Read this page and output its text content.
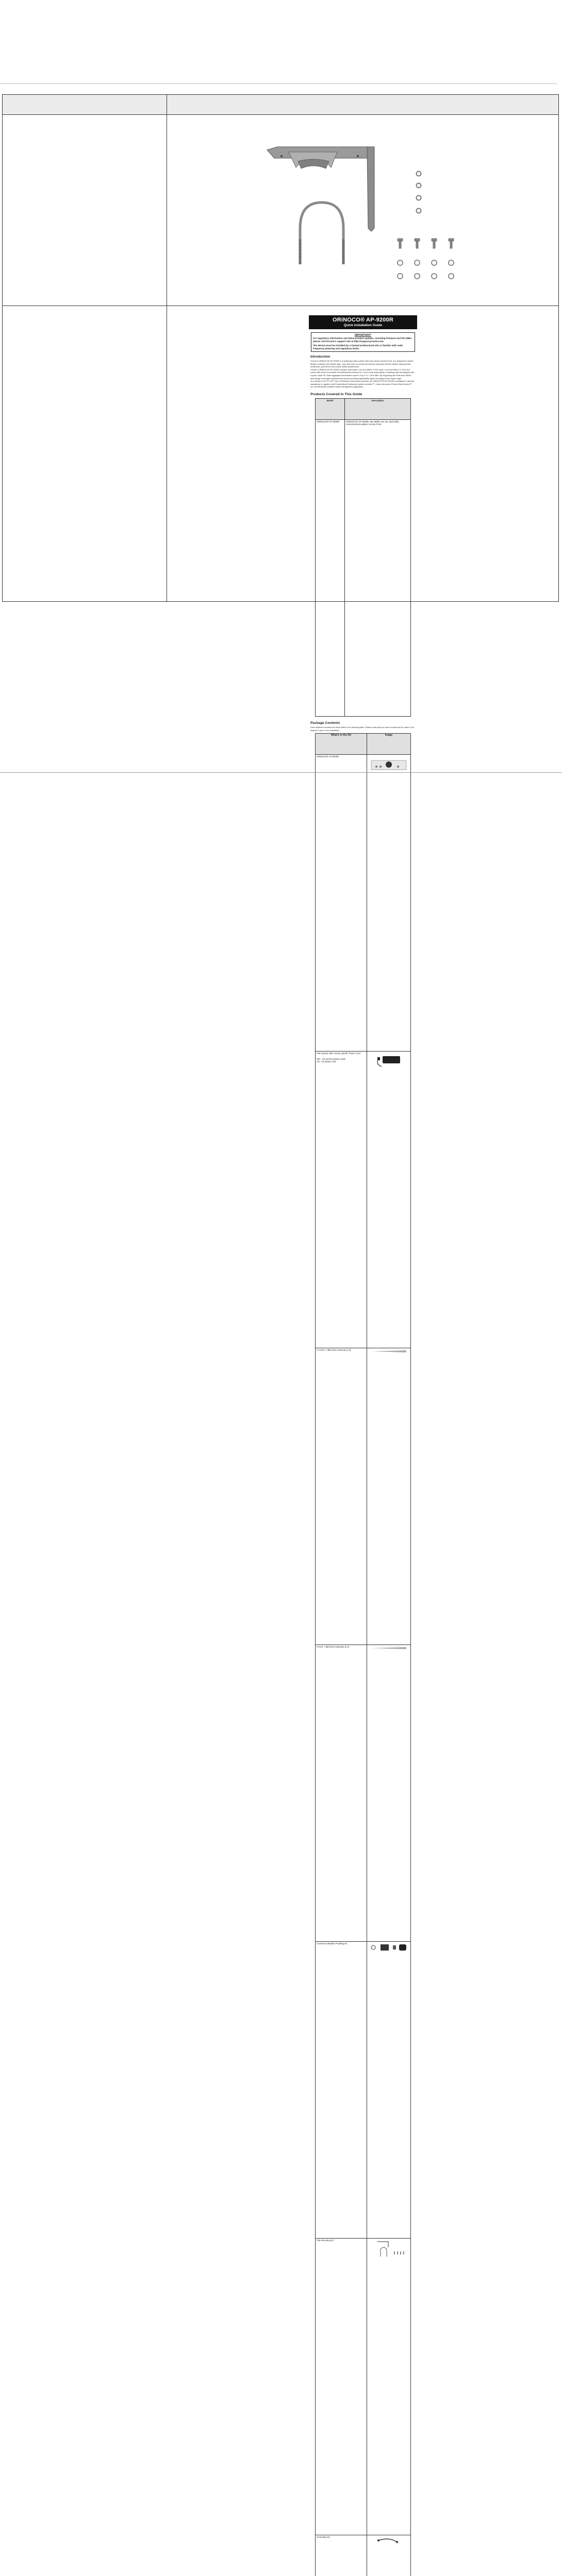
ORiNOCO® AP-9200R
Quick Installation Guide
IMPORTANT!
For regulatory information and latest product updates, including firmware and the MIBs, please visit Proxim's support site at http://support.proxim.com.
The device must be installed by a trained professional who is familiar with radio frequency planning and regulatory limits.
Introduction
Proxim's ORiNOCO® AP-9200R is a weatherproofed outdoor 802.11ac wave2 Access Point. It is designed to deliver flexible, scalable and reliable data, voice and video for small and medium enterprise WLAN outdoor deployments, healthcare, government and public safety departments.
Proxim's ORiNOCO® AP-9200R contains dual radios: one 4x4 MIMO 5 GHz radio / one 3x3 MIMO 2.4 GHz and comes with seven removable Omnidirectional antennas (4 / 3 per radio respectively), exhibiting high throughputs with a quad / triple RF chain aggregate transmission power of up to 27 / 28.8 dBm. By supporting the Multi User MIMO technology it manages simultaneous access providing significantly higher throughput and longer range.
As a device in the FIT AP™ line of Wireless LAN access products, the ORiNOCO® AP-9200R is designed to operate standalone or together with ProximVision® Advanced hybrid controller™. It also introduces Proxim BlueConnect™, our new Bluetooth enabled mobile management application.
Products Covered In This Guide
Model	Description
ORiNOCO® AP-9200R	ORiNOCO® AP-9200R, MU-MIMO 4x4 w2, dual radio, connectorized outdoor Access Point.
Package Contents
Each shipment includes the items listed in the following table. Please verify that you have received all the parts in the shipment, prior to the installation.
What's in the Kit	Image
ORiNOCO® AP-9200R	
PoE Injector with country specific Power Cord

WD - US and EU power cords
US - US power cord	
2.4 GHz, 7 dBi Omni Antennas (x 3)	
5 GHz, 7 dBi Omni Antennas (x 4)	
Connector Weather Proofing Kit	
Pole Mounting Kit	
Grounding Kit	
